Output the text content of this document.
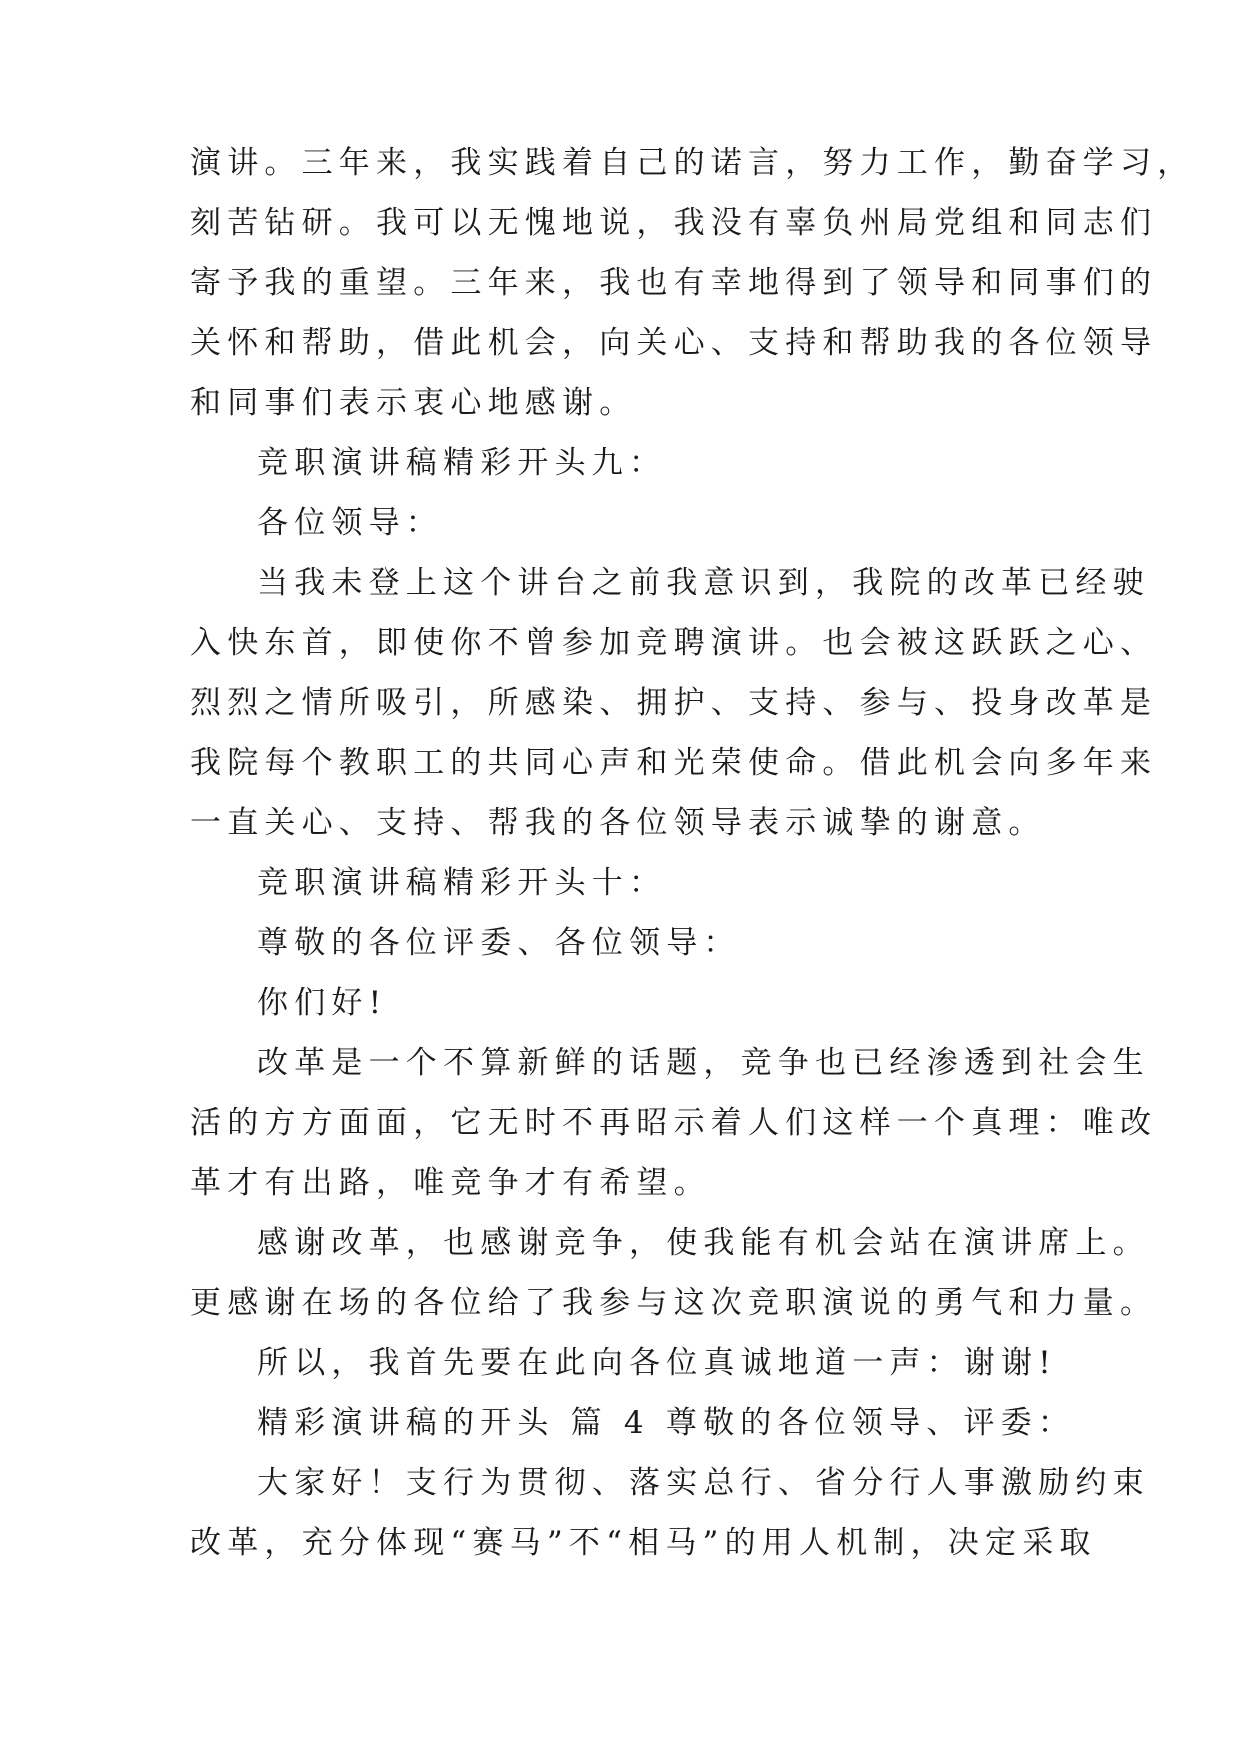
演讲。三年来，我实践着自己的诺言，努力工作，勤奋学习，
刻苦钻研。我可以无愧地说，我没有辜负州局党组和同志们
寄予我的重望。三年来，我也有幸地得到了领导和同事们的
关怀和帮助，借此机会，向关心、支持和帮助我的各位领导
和同事们表示衷心地感谢。
竞职演讲稿精彩开头九：
各位领导：
当我未登上这个讲台之前我意识到，我院的改革已经驶
入快东首，即使你不曾参加竞聘演讲。也会被这跃跃之心、
烈烈之情所吸引，所感染、拥护、支持、参与、投身改革是
我院每个教职工的共同心声和光荣使命。借此机会向多年来
一直关心、支持、帮我的各位领导表示诚挚的谢意。
竞职演讲稿精彩开头十：
尊敬的各位评委、各位领导：
你们好!
改革是一个不算新鲜的话题，竞争也已经渗透到社会生
活的方方面面，它无时不再昭示着人们这样一个真理：唯改
革才有出路，唯竞争才有希望。
感谢改革，也感谢竞争，使我能有机会站在演讲席上。
更感谢在场的各位给了我参与这次竞职演说的勇气和力量。
所以，我首先要在此向各位真诚地道一声：谢谢!
精彩演讲稿的开头 篇 4 尊敬的各位领导、评委：
大家好！支行为贯彻、落实总行、省分行人事激励约束
改革，充分体现“赛马”不“相马”的用人机制，决定采取
